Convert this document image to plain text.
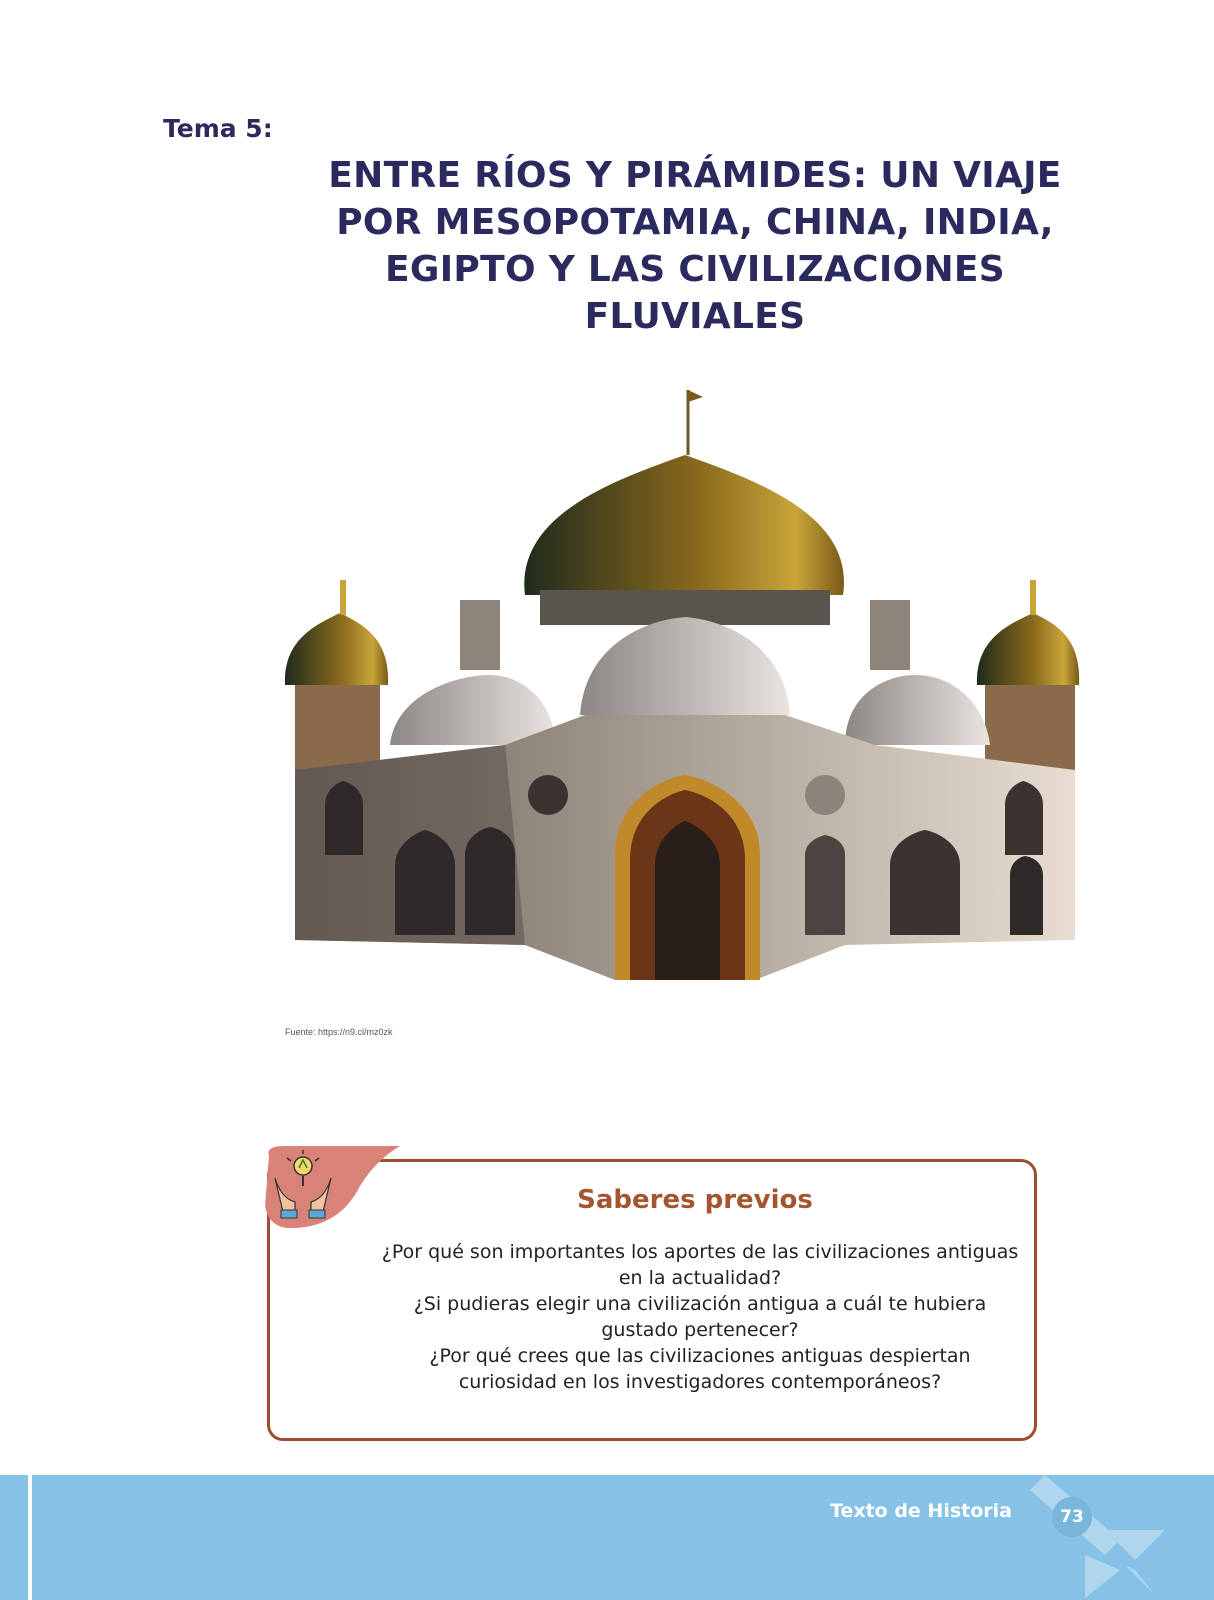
Tema 5:
ENTRE RÍOS Y PIRÁMIDES: UN VIAJE POR MESOPOTAMIA, CHINA, INDIA, EGIPTO Y LAS CIVILIZACIONES FLUVIALES
Fuente: https://n9.cl/mz0zk
Saberes previos
¿Por qué son importantes los aportes de las civilizaciones antiguas en la actualidad?
¿Si pudieras elegir una civilización antigua a cuál te hubiera gustado pertenecer?
¿Por qué crees que las civilizaciones antiguas despiertan curiosidad en los investigadores contemporáneos?
Texto de Historia	73
